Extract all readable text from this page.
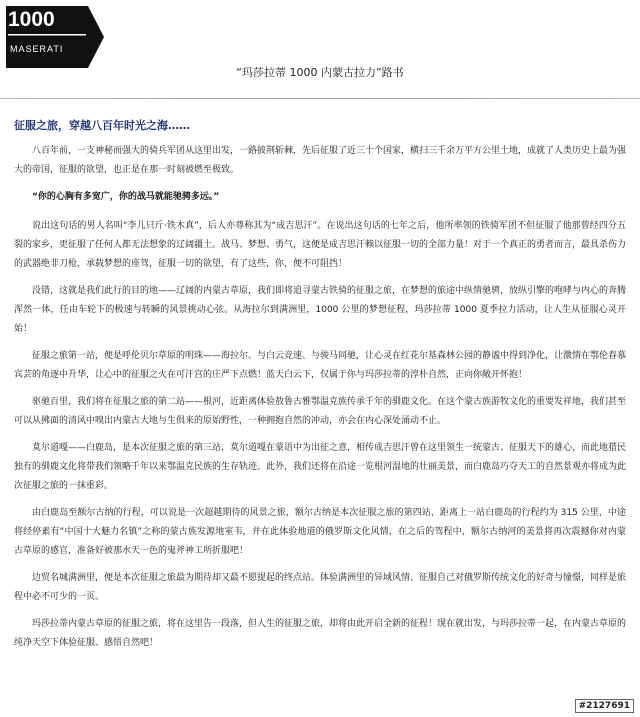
1000
MASERATI
“玛莎拉蒂 1000 内蒙古拉力”路书
征服之旅，穿越八百年时光之海……

八百年前，一支神秘而强大的骑兵军团从这里出发，一路披荆斩棘，先后征服了近三十个国家，横扫三千余万平方公里土地，成就了人类历史上最为强大的帝国，征服的欲望，也正是在那一时刻被燃至极致。

“你的心胸有多宽广，你的战马就能驰骋多远。”

说出这句话的男人名叫“李儿只斤·铁木真”，后人亦尊称其为“成吉思汗”。在说出这句话的七年之后，他所率领的铁骑军团不但征服了他那曾经四分五裂的家乡，更征服了任何人都无法想象的辽阔疆土。战马、梦想、勇气，这便是成吉思汗赖以征服一切的全部力量！对于一个真正的勇者而言，最具杀伤力的武器绝非刀枪，承载梦想的座驾，征服一切的欲望，有了这些，你，便不可阻挡！

没错，这就是我们此行的目的地——辽阔的内蒙古草原，我们即将追寻蒙古铁骑的征服之旅，在梦想的旅途中纵情驰骋，放纵引擎的咆哮与内心的奔腾浑然一体，任由车轮下的极速与转瞬的风景挑动心弦。从海拉尔到满洲里，1000 公里的梦想征程，玛莎拉蒂 1000 夏季拉力活动，让人生从征服心灵开始！

征服之旅第一站，便是呼伦贝尔草原的明珠——海拉尔。与白云竞速、与骏马同驰，让心灵在红花尔基森林公园的静谧中得到净化，让激情在鄂伦春慕宾芸的角逐中升华，让心中的征服之火在可汗宫的庄严下点燃！蓝天白云下，仅属于你与玛莎拉蒂的淳朴自然，正向你敞开怀抱！

驱驰百里，我们将在征服之旅的第二站——根河，近距离体验敖鲁古雅鄂温克族传承千年的驯鹿文化。在这个蒙古族游牧文化的重要发祥地，我们甚至可以从拂面的清风中嗅出内蒙古大地与生俱来的原始野性，一种拥抱自然的冲动，亦会在内心深处涌动不止。

莫尔道嘎——白鹿岛，是本次征服之旅的第三站，莫尔道嘎在蒙语中为出征之意，相传成吉思汗曾在这里领生一统蒙古、征服天下的雄心，而此地猎民独有的驯鹿文化将带我们领略千年以来鄂温克民族的生存轨迹。此外，我们还将在沿途一览根河湿地的壮丽美景，而白鹿岛巧夺天工的自然景观亦将成为此次征服之旅的一抹重彩。

由白鹿岛至额尔古纳的行程，可以说是一次超越期待的风景之旅，额尔古纳是本次征服之旅的第四站，距离上一站白鹿岛的行程约为 315 公里，中途将经停素有“中国十大魅力名镇”之称的蒙古族发源地室韦，并在此体验地道的俄罗斯文化风情，在之后的驾程中，额尔古纳河的美景将再次震撼你对内蒙古草原的感官，准备好被那水天一色的鬼斧神工所折服吧！

边贸名城满洲里，便是本次征服之旅最为期待却又最不愿提起的终点站。体验满洲里的异域风情、征服自己对俄罗斯传统文化的好奇与憧憬，同样是旅程中必不可少的一页。

玛莎拉蒂内蒙古草原的征服之旅，将在这里告一段落，但人生的征服之旅，却将由此开启全新的征程！现在就出发，与玛莎拉蒂一起，在内蒙古草原的纯净天空下体验征服、感悟自然吧！

#2127691
